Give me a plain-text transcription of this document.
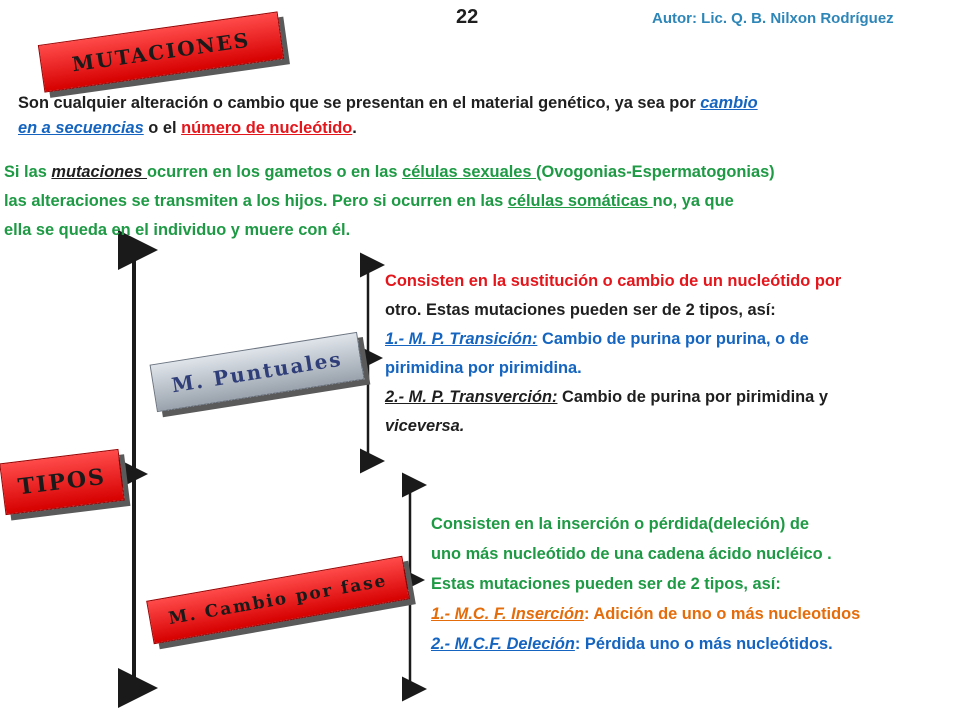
22	Autor: Lic. Q. B. Nilxon Rodríguez
MUTACIONES
TIPOS
M. Puntuales
M. Cambio por fase
Son cualquier alteración o cambio que se presentan en el material genético, ya sea por cambio
en a secuencias o el número de nucleótido.
Si las mutaciones ocurren en los gametos o en las células sexuales (Ovogonias-Espermatogonias)
las alteraciones se transmiten a los hijos. Pero si ocurren en las células somáticas no, ya que
ella se queda en el individuo y muere con él.
Consisten en la sustitución o cambio de un nucleótido por
otro. Estas mutaciones pueden ser de 2 tipos, así:
1.- M. P. Transición: Cambio de purina por purina, o de
pirimidina por pirimidina.
2.- M. P. Transverción: Cambio de purina por pirimidina y
viceversa.
Consisten en la inserción o pérdida(deleción) de
uno más nucleótido de una cadena ácido nucléico .
Estas mutaciones pueden ser de 2 tipos, así:
1.- M.C. F. Inserción: Adición de uno o más nucleotidos
2.- M.C.F. Deleción: Pérdida uno o más nucleótidos.
